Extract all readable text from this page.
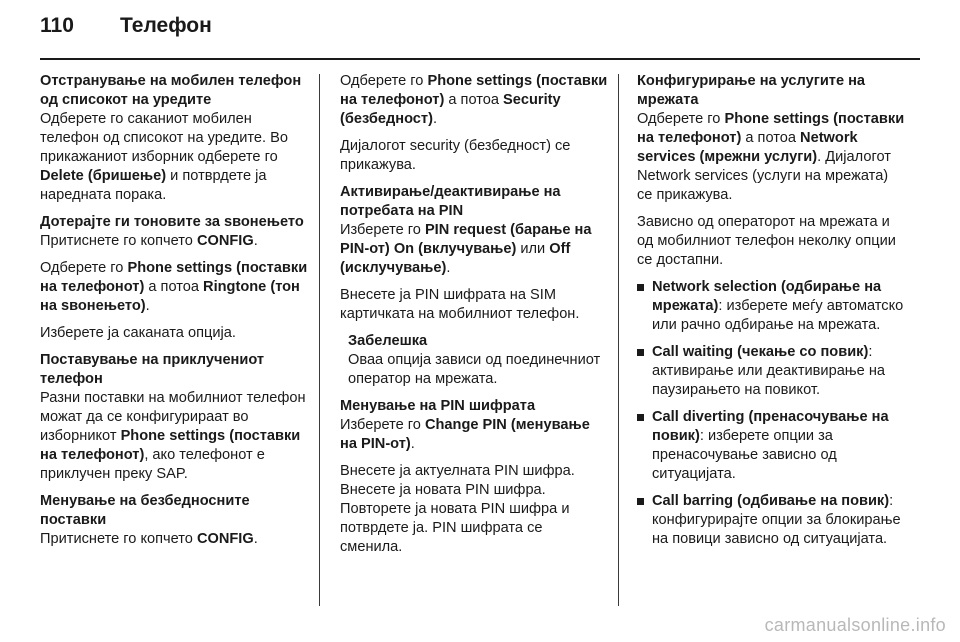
110	Телефон
Отстранување на мобилен телефон од списокот на уредите

Одберете го саканиот мобилен телефон од списокот на уредите. Во прикажаниот изборник одберете го Delete (бришење) и потврдете ја наредната порака.

Дотерајте ги тоновите за ѕвонењето

Притиснете го копчето CONFIG.

Одберете го Phone settings (поставки на телефонот) а потоа Ringtone (тон на ѕвонењето).

Изберете ја саканата опција.

Поставување на приклучениот телефон

Разни поставки на мобилниот телефон можат да се конфигурираат во изборникот Phone settings (поставки на телефонот), ако телефонот е приклучен преку SAP.

Менување на безбедносните поставки

Притиснете го копчето CONFIG.

Одберете го Phone settings (поставки на телефонот) а потоа Security (безбедност).

Дијалогот security (безбедност) се прикажува.

Активирање/деактивирање на потребата на PIN

Изберете го PIN request (барање на PIN-от) On (вклучување) или Off (исклучување).

Внесете ја PIN шифрата на SIM картичката на мобилниот телефон.

Забелешка
Оваа опција зависи од поединечниот оператор на мрежата.
Менување на PIN шифрата

Изберете го Change PIN (менување на PIN-от).

Внесете ја актуелната PIN шифра. Внесете ја новата PIN шифра. Повторете ја новата PIN шифра и потврдете ја. PIN шифрата се сменила.

Конфигурирање на услугите на мрежата

Одберете го Phone settings (поставки на телефонот) а потоа Network services (мрежни услуги). Дијалогот Network services (услуги на мрежата) се прикажува.

Зависно од операторот на мрежата и од мобилниот телефон неколку опции се достапни.

Network selection (одбирање на мрежата): изберете меѓу автоматско или рачно одбирање на мрежата.
Call waiting (чекање со повик): активирање или деактивирање на паузирањето на повикот.
Call diverting (пренасочување на повик): изберете опции за пренасочување зависно од ситуацијата.
Call barring (одбивање на повик): конфигурирајте опции за блокирање на повици зависно од ситуацијата.
carmanualsonline.info
